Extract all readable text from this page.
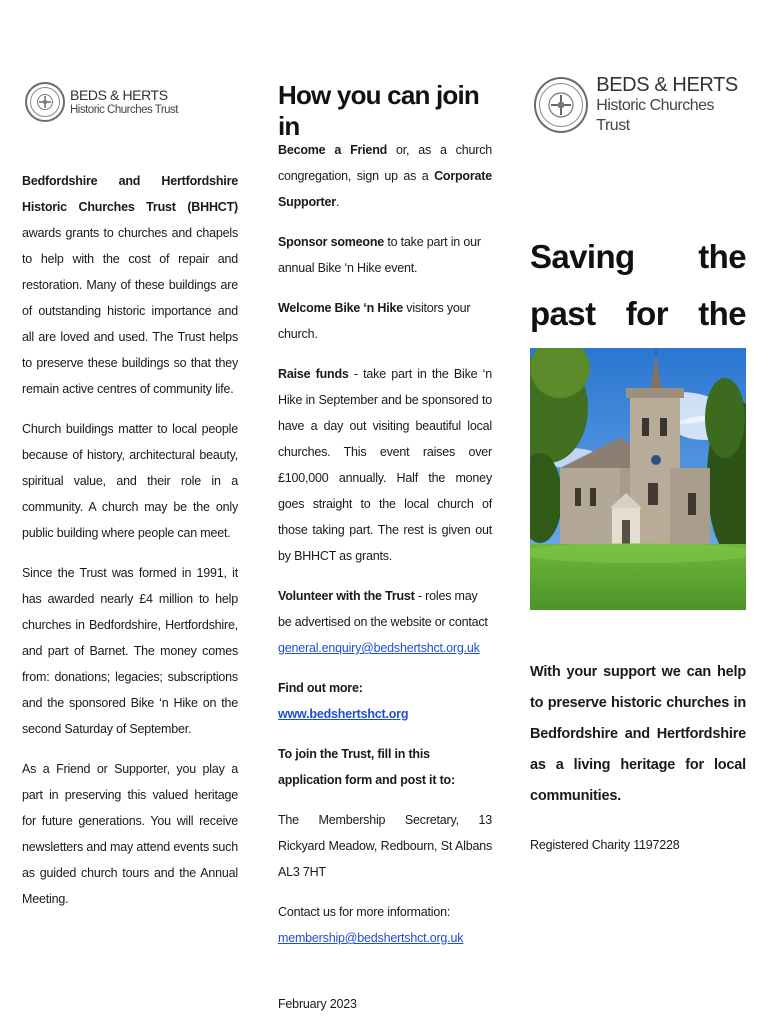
BEDS & HERTS
Historic Churches Trust

Bedfordshire and Hertfordshire Historic Churches Trust (BHHCT) awards grants to churches and chapels to help with the cost of repair and restoration. Many of these buildings are of outstanding historic importance and all are loved and used. The Trust helps to preserve these buildings so that they remain active centres of community life.

Church buildings matter to local people because of history, architectural beauty, spiritual value, and their role in a community. A church may be the only public building where people can meet.

Since the Trust was formed in 1991, it has awarded nearly £4 million to help churches in Bedfordshire, Hertfordshire, and part of Barnet. The money comes from: donations; legacies; subscriptions and the sponsored Bike ‘n Hike on the second Saturday of September.

As a Friend or Supporter, you play a part in preserving this valued heritage for future generations. You will receive newsletters and may attend events such as guided church tours and the Annual Meeting.

How you can join in

Become a Friend or, as a church congregation, sign up as a Corporate Supporter.

Sponsor someone to take part in our annual Bike ‘n Hike event.

Welcome Bike ‘n Hike visitors your church.

Raise funds - take part in the Bike ‘n Hike in September and be sponsored to have a day out visiting beautiful local churches. This event raises over £100,000 annually. Half the money goes straight to the local church of those taking part. The rest is given out by BHHCT as grants.

Volunteer with the Trust - roles may be advertised on the website or contact
general.enquiry@bedshertshct.org.uk

Find out more: www.bedshertshct.org

To join the Trust, fill in this application form and post it to:

The Membership Secretary, 13 Rickyard Meadow, Redbourn, St Albans AL3 7HT

Contact us for more information:
membership@bedshertshct.org.uk

February 2023

BEDS & HERTS
Historic Churches Trust
Saving the past for the

With your support we can help to preserve historic churches in Bedfordshire and Hertfordshire as a living heritage for local communities.

Registered Charity 1197228
